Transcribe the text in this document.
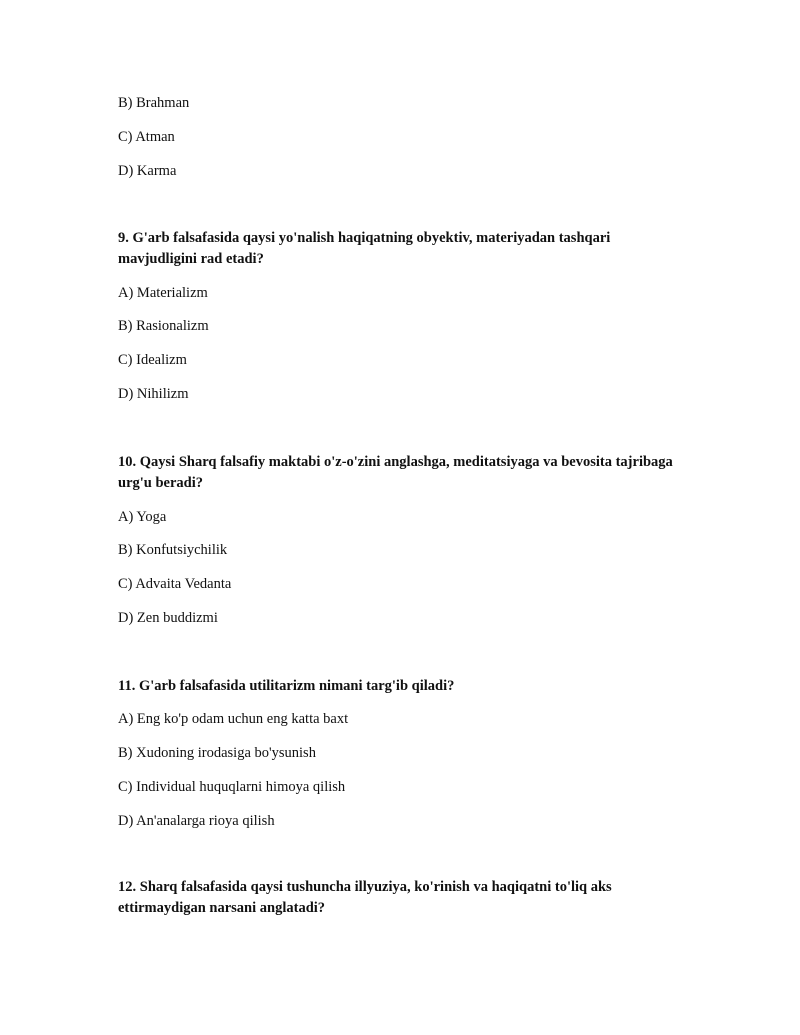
B) Brahman
C) Atman
D) Karma
9. G'arb falsafasida qaysi yo'nalish haqiqatning obyektiv, materiyadan tashqari mavjudligini rad etadi?
A) Materializm
B) Rasionalizm
C) Idealizm
D) Nihilizm
10. Qaysi Sharq falsafiy maktabi o'z-o'zini anglashga, meditatsiyaga va bevosita tajribaga urg'u beradi?
A) Yoga
B) Konfutsiychilik
C) Advaita Vedanta
D) Zen buddizmi
11. G'arb falsafasida utilitarizm nimani targ'ib qiladi?
A) Eng ko'p odam uchun eng katta baxt
B) Xudoning irodasiga bo'ysunish
C) Individual huquqlarni himoya qilish
D) An'analarga rioya qilish
12. Sharq falsafasida qaysi tushuncha illyuziya, ko'rinish va haqiqatni to'liq aks ettirmaydigan narsani anglatadi?
